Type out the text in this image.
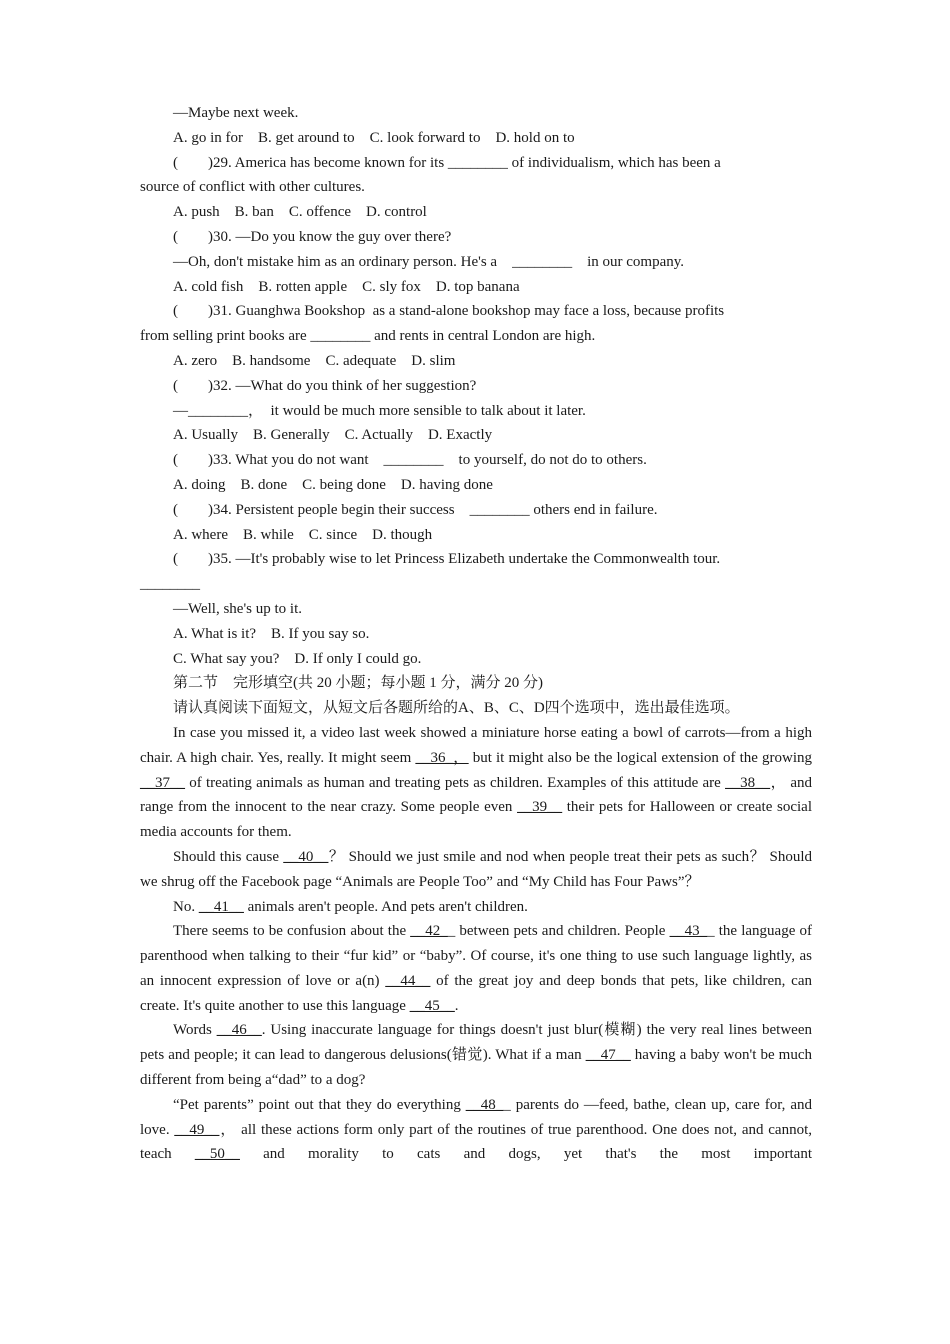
—Maybe next week.

A. go in for    B. get around to    C. look forward to    D. hold on to

(        )29. America has become known for its ________ of individualism, which has been a
source of conflict with other cultures.

A. push    B. ban    C. offence    D. control

(        )30. —Do you know the guy over there?

—Oh, don't mistake him as an ordinary person. He's a    ________    in our company.

A. cold fish    B. rotten apple    C. sly fox    D. top banana

(        )31. Guanghwa Bookshop  as a stand-alone bookshop may face a loss, because profits
from selling print books are ________ and rents in central London are high.

A. zero    B. handsome    C. adequate    D. slim

(        )32. —What do you think of her suggestion?

—________，  it would be much more sensible to talk about it later.

A. Usually    B. Generally    C. Actually    D. Exactly

(        )33. What you do not want    ________    to yourself, do not do to others.

A. doing    B. done    C. being done    D. having done

(        )34. Persistent people begin their success    ________ others end in failure.

A. where    B. while    C. since    D. though

(        )35. —It's probably wise to let Princess Elizabeth undertake the Commonwealth tour.
________

—Well, she's up to it.

A. What is it?    B. If you say so.

C. What say you?    D. If only I could go.

第二节    完形填空(共 20 小题；每小题 1 分，满分 20 分)

请认真阅读下面短文，从短文后各题所给的A、B、C、D四个选项中，选出最佳选项。

In case you missed it, a video last week showed a miniature horse eating a bowl of carrots—from a high chair. A high chair. Yes, really. It might seem __36_， but it might also be the logical extension of the growing __37__ of treating animals as human and treating pets as children. Examples of this attitude are __38__， and range from the innocent to the near crazy. Some people even __39__ their pets for Halloween or create social media accounts for them.

Should this cause __40__？ Should we just smile and nod when people treat their pets as such？ Should we shrug off the Facebook page “Animals are People Too” and “My Child has Four Paws”？

No. __41__ animals aren't people. And pets aren't children.

There seems to be confusion about the __42__ between pets and children. People __43__ the language of parenthood when talking to their “fur kid” or “baby”. Of course, it's one thing to use such language lightly, as an innocent expression of love or a(n) __44__ of the great joy and deep bonds that pets, like children, can create. It's quite another to use this language __45__.

Words __46__. Using inaccurate language for things doesn't just blur(模糊) the very real lines between pets and people; it can lead to dangerous delusions(错觉). What if a man __47__ having a baby won't be much different from being a“dad” to a dog?

“Pet parents” point out that they do everything __48__ parents do —feed, bathe, clean up, care for, and love. __49__， all these actions form only part of the routines of true parenthood. One does not, and cannot, teach __50__ and morality to cats and dogs, yet that's the most important
